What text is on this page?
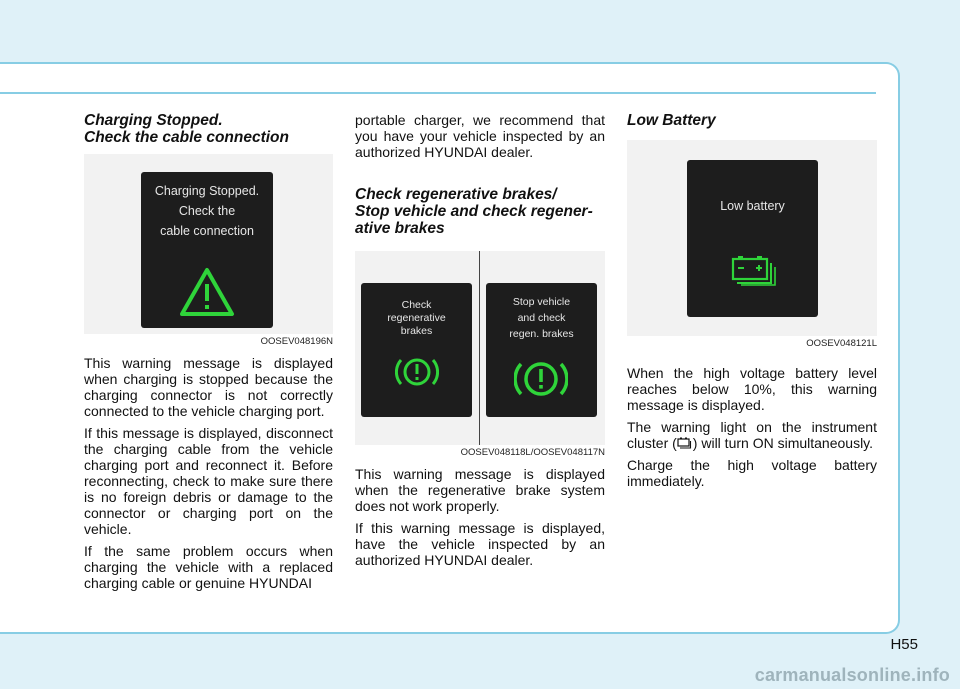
Charging Stopped.
Check the cable connection
Charging Stopped.
Check the
cable connection
OOSEV048196N

This warning message is displayed when charging is stopped because the charging connector is not correctly connected to the vehicle charging port.

If this message is displayed, disconnect the charging cable from the vehicle charging port and reconnect it. Before reconnecting, check to make sure there is no foreign debris or damage to the connector or charging port on the vehicle.

If the same problem occurs when charging the vehicle with a replaced charging cable or genuine HYUNDAI

portable charger, we recommend that you have your vehicle inspected by an authorized HYUNDAI dealer.

Check regenerative brakes/
Stop vehicle and check regener-
ative brakes
Check
regenerative
brakes
Stop vehicle
and check
regen. brakes
OOSEV048118L/OOSEV048117N

This warning message is displayed when the regenerative brake system does not work properly.

If this warning message is displayed, have the vehicle inspected by an authorized HYUNDAI dealer.

Low Battery
Low battery
OOSEV048121L

When the high voltage battery level reaches below 10%, this warning message is displayed.

The warning light on the instrument cluster ( ) will turn ON simultaneously.

Charge the high voltage battery immediately.

H55
carmanualsonline.info
